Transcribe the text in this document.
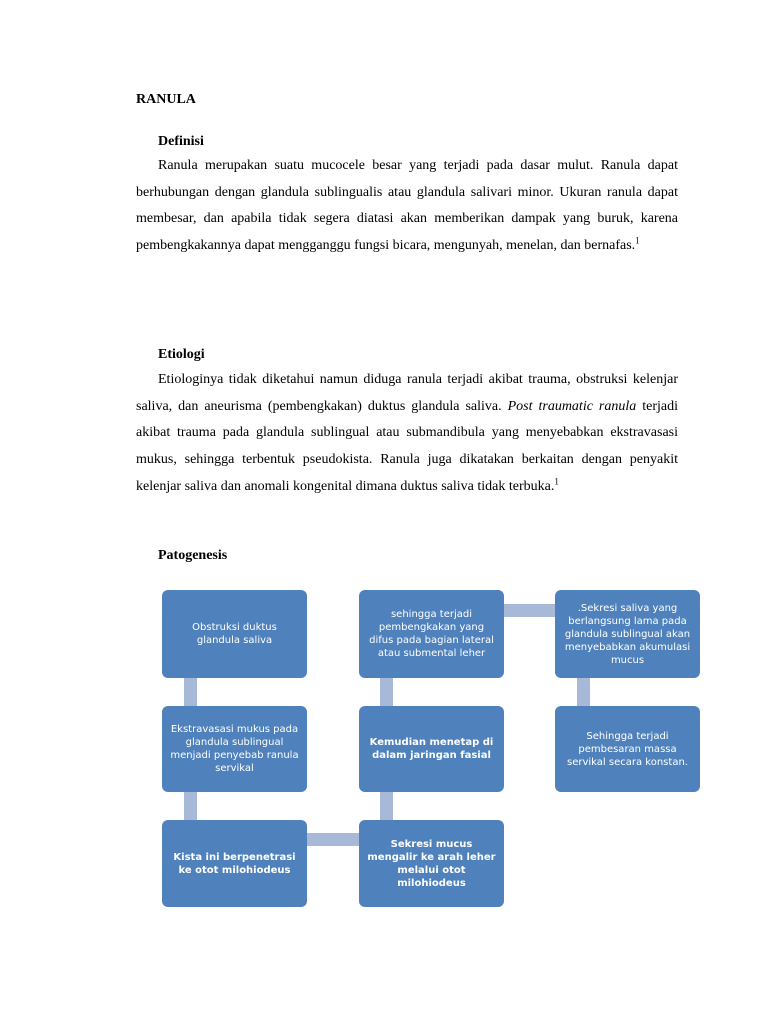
RANULA
Definisi

Ranula merupakan suatu mucocele besar yang terjadi pada dasar mulut. Ranula dapat berhubungan dengan glandula sublingualis atau glandula salivari minor. Ukuran ranula dapat membesar, dan apabila tidak segera diatasi akan memberikan dampak yang buruk, karena pembengkakannya dapat mengganggu fungsi bicara, mengunyah, menelan, dan bernafas.$^1$

Etiologi

Etiologinya tidak diketahui namun diduga ranula terjadi akibat trauma, obstruksi kelenjar saliva, dan aneurisma (pembengkakan) duktus glandula saliva. Post traumatic ranula terjadi akibat trauma pada glandula sublingual atau submandibula yang menyebabkan ekstravasasi mukus, sehingga terbentuk pseudokista. Ranula juga dikatakan berkaitan dengan penyakit kelenjar saliva dan anomali kongenital dimana duktus saliva tidak terbuka.$^1$

Patogenesis
Obstruksi duktus glandula saliva
Ekstravasasi mukus pada glandula sublingual menjadi penyebab ranula servikal
Kista ini berpenetrasi ke otot milohiodeus
Sekresi mucus mengalir ke arah leher melalui otot milohiodeus
Kemudian menetap di dalam jaringan fasial
sehingga terjadi pembengkakan yang difus pada bagian lateral atau submental leher
.Sekresi saliva yang berlangsung lama pada glandula sublingual akan menyebabkan akumulasi mucus
Sehingga terjadi pembesaran massa servikal secara konstan.
